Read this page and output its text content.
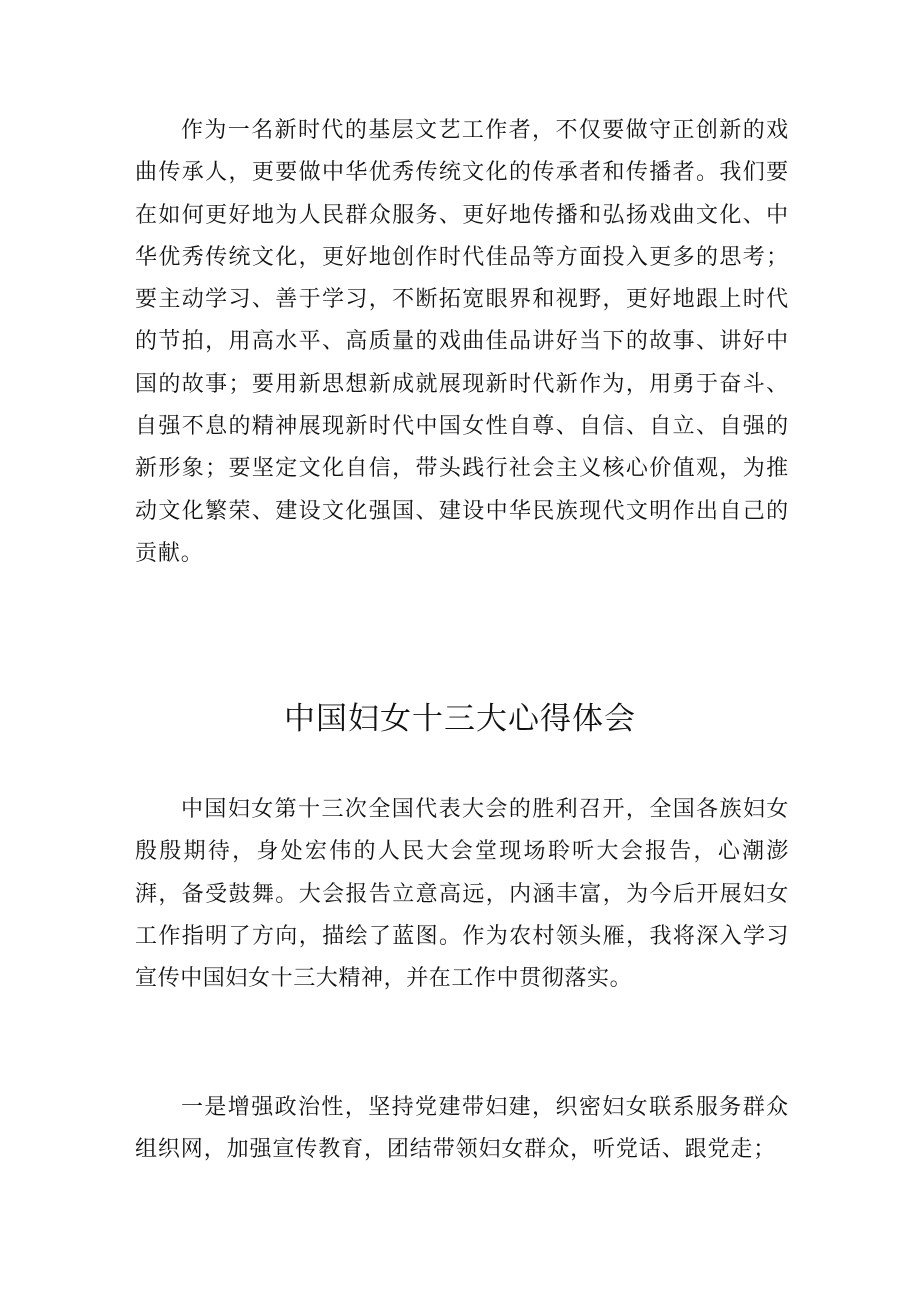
作为一名新时代的基层文艺工作者，不仅要做守正创新的戏曲传承人，更要做中华优秀传统文化的传承者和传播者。我们要在如何更好地为人民群众服务、更好地传播和弘扬戏曲文化、中华优秀传统文化，更好地创作时代佳品等方面投入更多的思考；要主动学习、善于学习，不断拓宽眼界和视野，更好地跟上时代的节拍，用高水平、高质量的戏曲佳品讲好当下的故事、讲好中国的故事；要用新思想新成就展现新时代新作为，用勇于奋斗、自强不息的精神展现新时代中国女性自尊、自信、自立、自强的新形象；要坚定文化自信，带头践行社会主义核心价值观，为推动文化繁荣、建设文化强国、建设中华民族现代文明作出自己的贡献。

中国妇女十三大心得体会

中国妇女第十三次全国代表大会的胜利召开，全国各族妇女殷殷期待，身处宏伟的人民大会堂现场聆听大会报告，心潮澎湃，备受鼓舞。大会报告立意高远，内涵丰富，为今后开展妇女工作指明了方向，描绘了蓝图。作为农村领头雁，我将深入学习宣传中国妇女十三大精神，并在工作中贯彻落实。

一是增强政治性，坚持党建带妇建，织密妇女联系服务群众组织网，加强宣传教育，团结带领妇女群众，听党话、跟党走；
